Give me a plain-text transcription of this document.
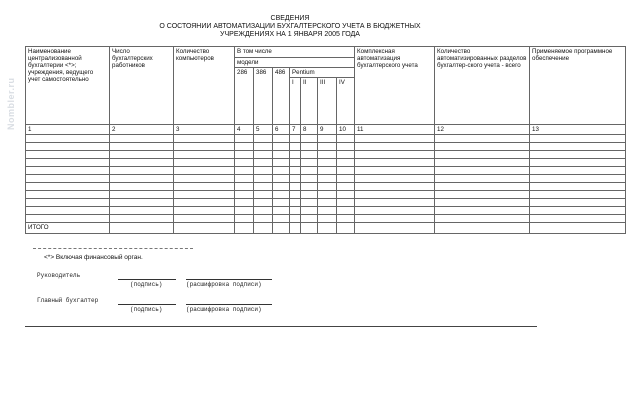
Nombler.ru
СВЕДЕНИЯ
О СОСТОЯНИИ АВТОМАТИЗАЦИИ БУХГАЛТЕРСКОГО УЧЕТА В БЮДЖЕТНЫХ
УЧРЕЖДЕНИЯХ НА 1 ЯНВАРЯ 2005 ГОДА
Наименование централизованной бухгалтерии <*>; учреждения, ведущего учет самостоятельно	Число бухгалтерских работников	Количество компьютеров	В том числе							Комплексная автоматизация бухгалтерского учета	Количество автоматизированных разделов бухгалтер-ского учета - всего	Применяемое программное обеспечение
			модели									
			286	386	486	Pentium						
						I	II	III	IV			
1	2	3	4	5	6	7	8	9	10	11	12	13

ИТОГО												
<*> Включая финансовый орган.
Руководитель
(подпись)	(расшифровка подписи)
Главный бухгалтер
(подпись)	(расшифровка подписи)
